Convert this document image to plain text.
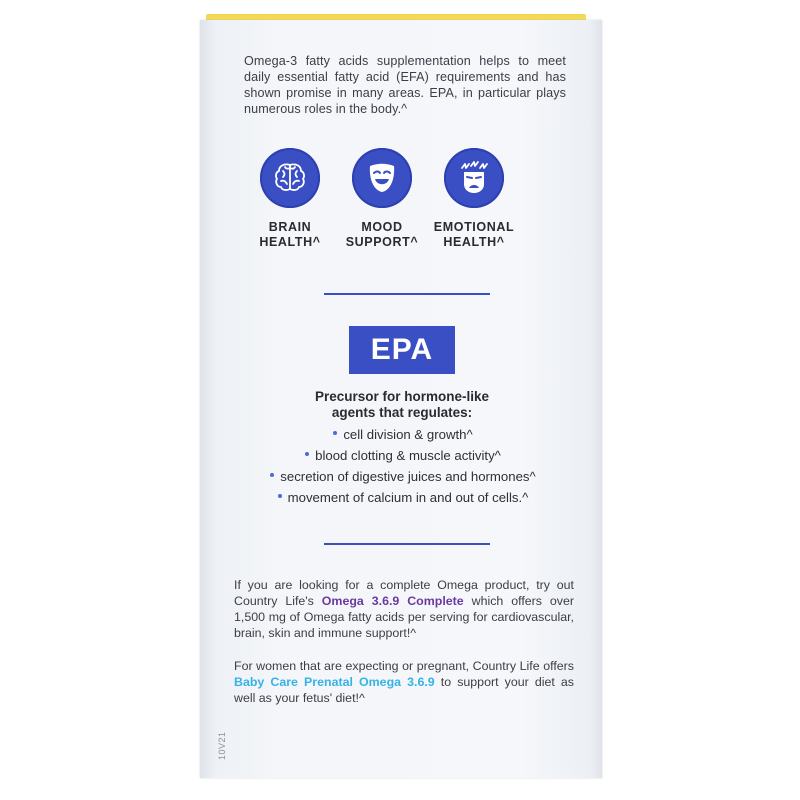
Omega-3 fatty acids supplementation helps to meet daily essential fatty acid (EFA) requirements and has shown promise in many areas. EPA, in particular plays numerous roles in the body.^
BRAIN
HEALTH^
MOOD
SUPPORT^
EMOTIONAL
HEALTH^
EPA
Precursor for hormone-like
agents that regulates:
cell division & growth^
blood clotting & muscle activity^
secretion of digestive juices and hormones^
movement of calcium in and out of cells.^
If you are looking for a complete Omega product, try out Country Life's Omega 3.6.9 Complete which offers over 1,500 mg of Omega fatty acids per serving for cardiovascular, brain, skin and immune support!^
For women that are expecting or pregnant, Country Life offers Baby Care Prenatal Omega 3.6.9 to support your diet as well as your fetus' diet!^
10V21
